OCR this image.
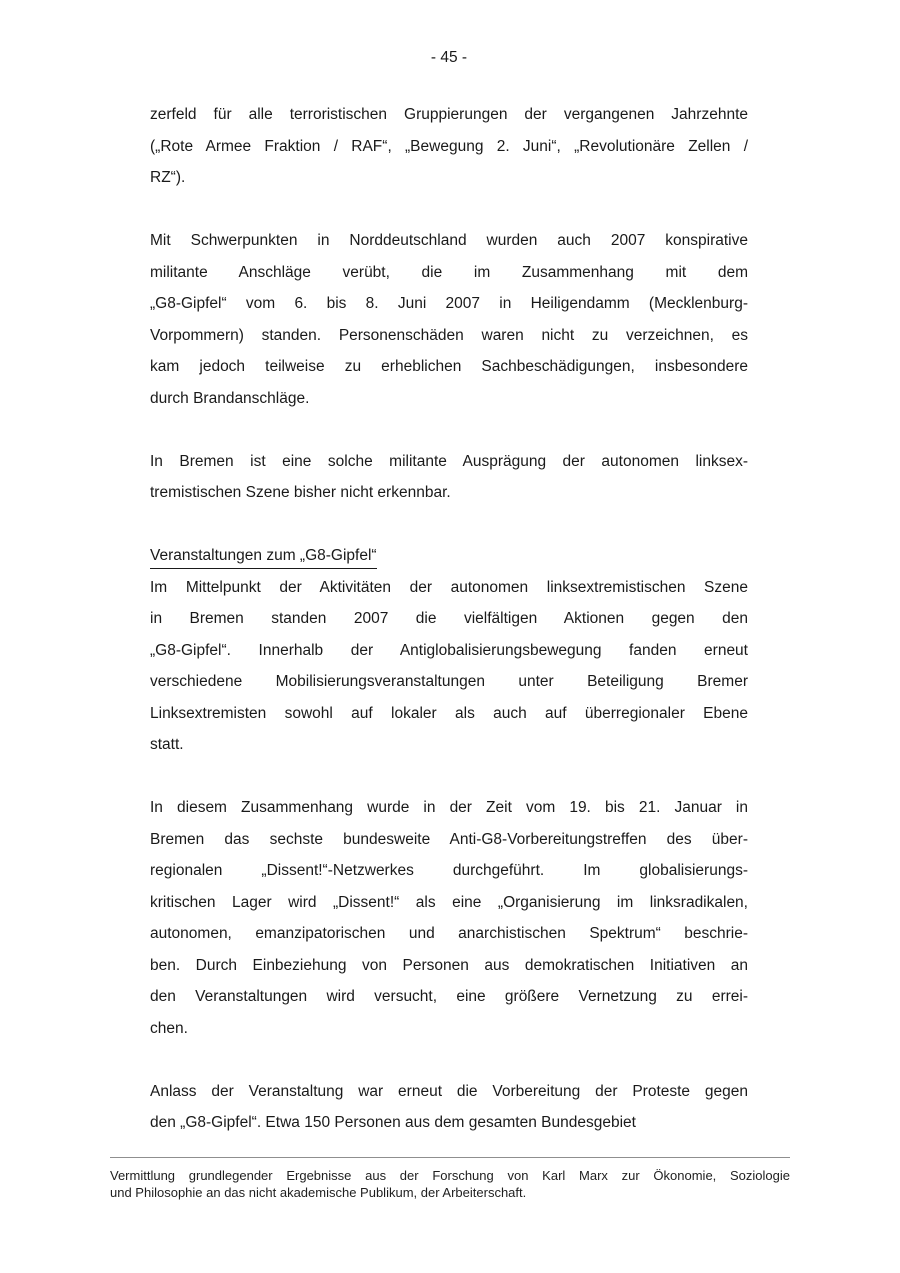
- 45 -
zerfeld für alle terroristischen Gruppierungen der vergangenen Jahrzehnte
(„Rote Armee Fraktion / RAF“, „Bewegung 2. Juni“, „Revolutionäre Zellen /
RZ“).
Mit Schwerpunkten in Norddeutschland wurden auch 2007 konspirative
militante Anschläge verübt, die im Zusammenhang mit dem
„G8-Gipfel“ vom 6. bis 8. Juni 2007 in Heiligendamm (Mecklenburg-
Vorpommern) standen. Personenschäden waren nicht zu verzeichnen, es
kam jedoch teilweise zu erheblichen Sachbeschädigungen, insbesondere
durch Brandanschläge.
In Bremen ist eine solche militante Ausprägung der autonomen linksex-
tremistischen Szene bisher nicht erkennbar.
Veranstaltungen zum „G8-Gipfel“
Im Mittelpunkt der Aktivitäten der autonomen linksextremistischen Szene
in Bremen standen 2007 die vielfältigen Aktionen gegen den
„G8-Gipfel“. Innerhalb der Antiglobalisierungsbewegung fanden erneut
verschiedene Mobilisierungsveranstaltungen unter Beteiligung Bremer
Linksextremisten sowohl auf lokaler als auch auf überregionaler Ebene
statt.
In diesem Zusammenhang wurde in der Zeit vom 19. bis 21. Januar in
Bremen das sechste bundesweite Anti-G8-Vorbereitungstreffen des über-
regionalen „Dissent!“-Netzwerkes durchgeführt. Im globalisierungs-
kritischen Lager wird „Dissent!“ als eine „Organisierung im linksradikalen,
autonomen, emanzipatorischen und anarchistischen Spektrum“ beschrie-
ben. Durch Einbeziehung von Personen aus demokratischen Initiativen an
den Veranstaltungen wird versucht, eine größere Vernetzung zu errei-
chen.
Anlass der Veranstaltung war erneut die Vorbereitung der Proteste gegen
den „G8-Gipfel“. Etwa 150 Personen aus dem gesamten Bundesgebiet
Vermittlung grundlegender Ergebnisse aus der Forschung von Karl Marx zur Ökonomie, Soziologie
und Philosophie an das nicht akademische Publikum, der Arbeiterschaft.
